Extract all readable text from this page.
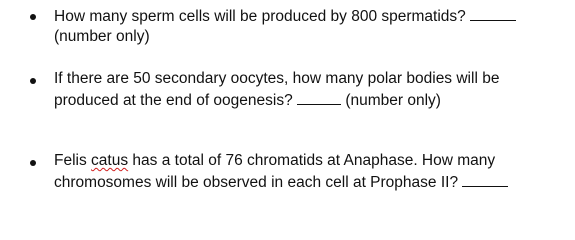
How many sperm cells will be produced by 800 spermatids?
(number only)
If there are 50 secondary oocytes, how many polar bodies will be
produced at the end of oogenesis?	(number only)
Felis catus has a total of 76 chromatids at Anaphase. How many
chromosomes will be observed in each cell at Prophase II?
